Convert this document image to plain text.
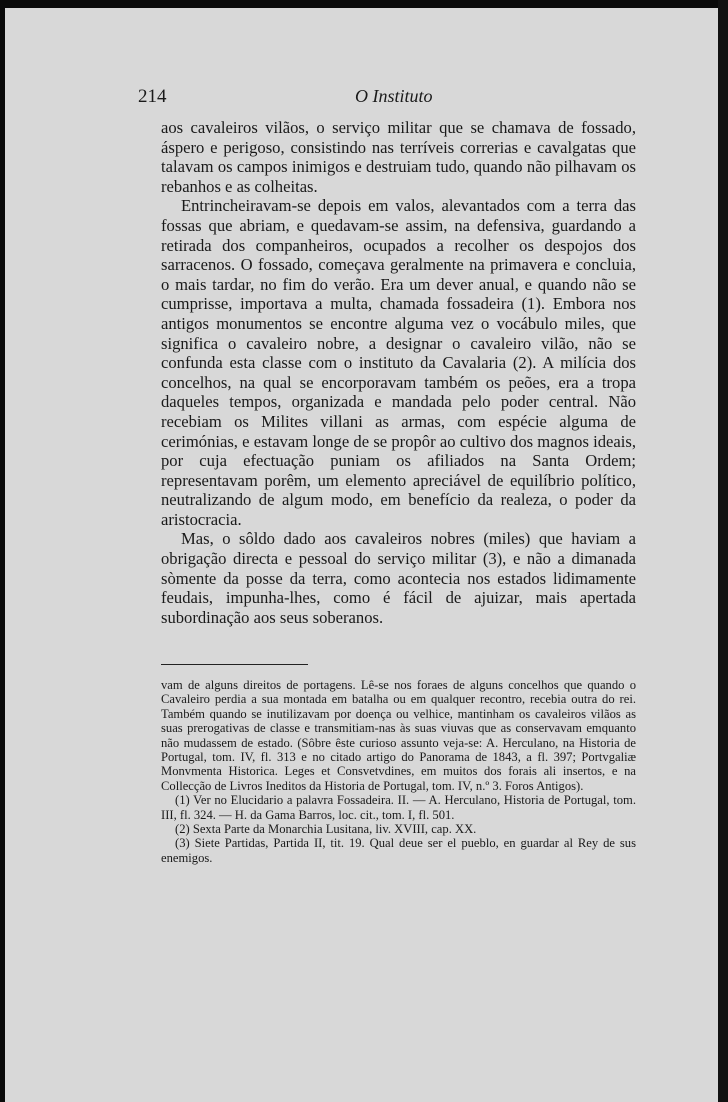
214	O Instituto

aos cavaleiros vilãos, o serviço militar que se chamava de fossado, áspero e perigoso, consistindo nas terríveis correrias e cavalgatas que talavam os campos inimigos e destruiam tudo, quando não pilhavam os rebanhos e as colheitas.

Entrincheiravam-se depois em valos, alevantados com a terra das fossas que abriam, e quedavam-se assim, na defensiva, guardando a retirada dos companheiros, ocupados a recolher os despojos dos sarracenos. O fossado, começava geralmente na primavera e concluia, o mais tardar, no fim do verão. Era um dever anual, e quando não se cumprisse, importava a multa, chamada fossadeira (1). Embora nos antigos monumentos se encontre alguma vez o vocábulo miles, que significa o cavaleiro nobre, a designar o cavaleiro vilão, não se confunda esta classe com o instituto da Cavalaria (2). A milícia dos concelhos, na qual se encorporavam também os peões, era a tropa daqueles tempos, organizada e mandada pelo poder central. Não recebiam os Milites villani as armas, com espécie alguma de cerimónias, e estavam longe de se propôr ao cultivo dos magnos ideais, por cuja efectuação puniam os afiliados na Santa Ordem; representavam porêm, um elemento apreciável de equilíbrio político, neutralizando de algum modo, em benefício da realeza, o poder da aristocracia.

Mas, o sôldo dado aos cavaleiros nobres (miles) que haviam a obrigação directa e pessoal do serviço militar (3), e não a dimanada sòmente da posse da terra, como acontecia nos estados lidimamente feudais, impunha-lhes, como é fácil de ajuizar, mais apertada subordinação aos seus soberanos.

vam de alguns direitos de portagens. Lê-se nos foraes de alguns concelhos que quando o Cavaleiro perdia a sua montada em batalha ou em qualquer recontro, recebia outra do rei. Também quando se inutilizavam por doença ou velhice, mantinham os cavaleiros vilãos as suas prerogativas de classe e transmitiam-nas às suas viuvas que as conservavam emquanto não mudassem de estado. (Sôbre êste curioso assunto veja-se: A. Herculano, na Historia de Portugal, tom. IV, fl. 313 e no citado artigo do Panorama de 1843, a fl. 397; Portvgaliæ Monvmenta Historica. Leges et Consvetvdines, em muitos dos forais ali insertos, e na Collecção de Livros Ineditos da Historia de Portugal, tom. IV, n.º 3. Foros Antigos).

(1) Ver no Elucidario a palavra Fossadeira. II. — A. Herculano, Historia de Portugal, tom. III, fl. 324. — H. da Gama Barros, loc. cit., tom. I, fl. 501.

(2) Sexta Parte da Monarchia Lusitana, liv. XVIII, cap. XX.

(3) Siete Partidas, Partida II, tit. 19. Qual deue ser el pueblo, en guardar al Rey de sus enemigos.
